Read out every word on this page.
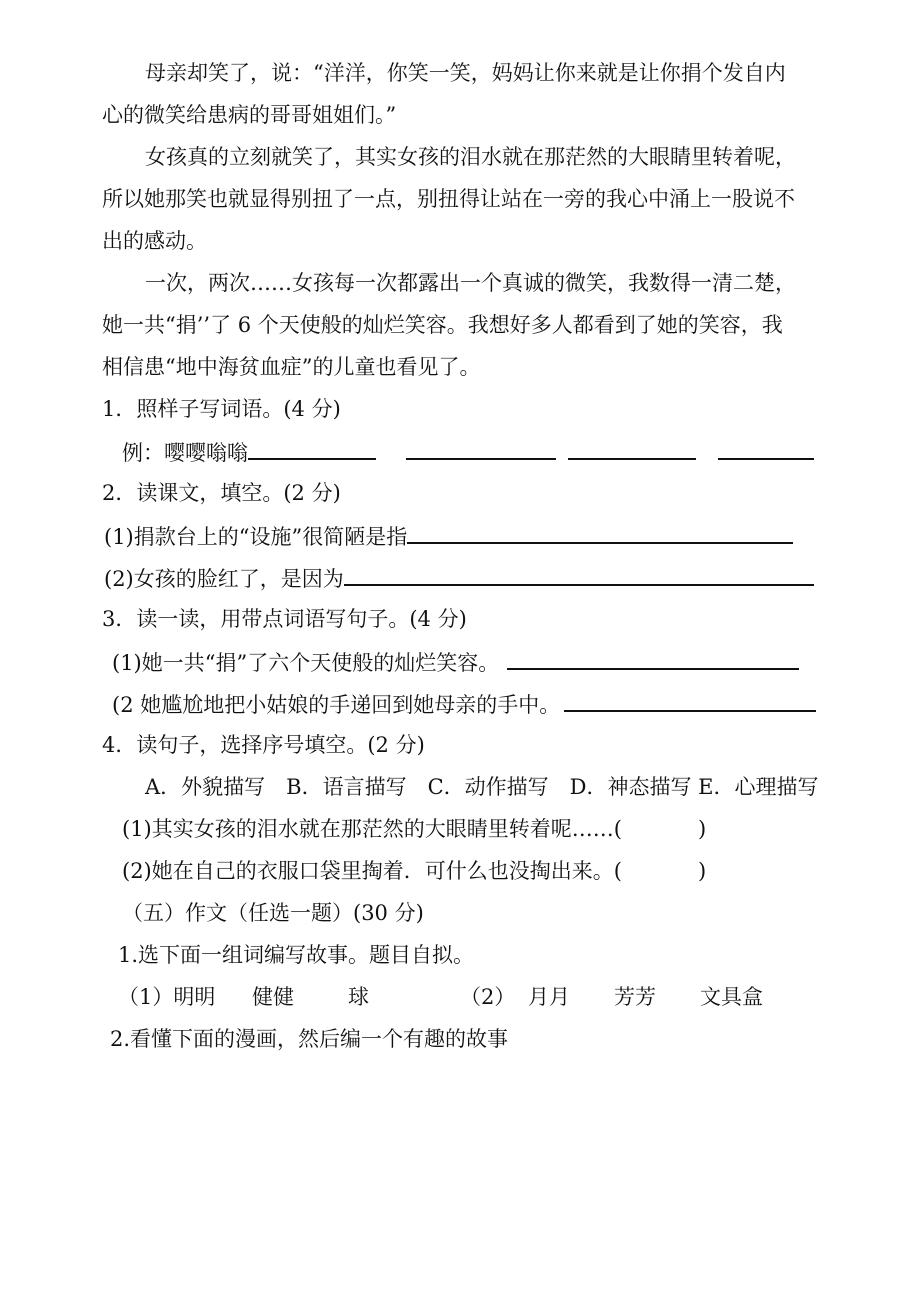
母亲却笑了，说：“洋洋，你笑一笑，妈妈让你来就是让你捐个发自内
心的微笑给患病的哥哥姐姐们。”
女孩真的立刻就笑了，其实女孩的泪水就在那茫然的大眼睛里转着呢，
所以她那笑也就显得别扭了一点，别扭得让站在一旁的我心中涌上一股说不
出的感动。
一次，两次……女孩每一次都露出一个真诚的微笑，我数得一清二楚，
她一共“捐’’了 6 个天使般的灿烂笑容。我想好多人都看到了她的笑容，我
相信患“地中海贫血症”的儿童也看见了。
1．照样子写词语。(4 分)
例：嘤嘤嗡嗡
2．读课文，填空。(2 分)
(1)捐款台上的“设施”很简陋是指
(2)女孩的脸红了，是因为
3．读一读，用带点词语写句子。(4 分)
(1)她一共“捐”了六个天使般的灿烂笑容。
(2 她尴尬地把小姑娘的手递回到她母亲的手中。
4．读句子，选择序号填空。(2 分)
A．外貌描写　B．语言描写　C．动作描写　D．神态描写 E．心理描写
(1)其实女孩的泪水就在那茫然的大眼睛里转着呢……(	)
(2)她在自己的衣服口袋里掏着．可什么也没掏出来。(	)
（五）作文（任选一题）(30 分)
1.选下面一组词编写故事。题目自拟。
（1）明明 健健	球	（2） 月月 芳芳 文具盒
2.看懂下面的漫画，然后编一个有趣的故事
